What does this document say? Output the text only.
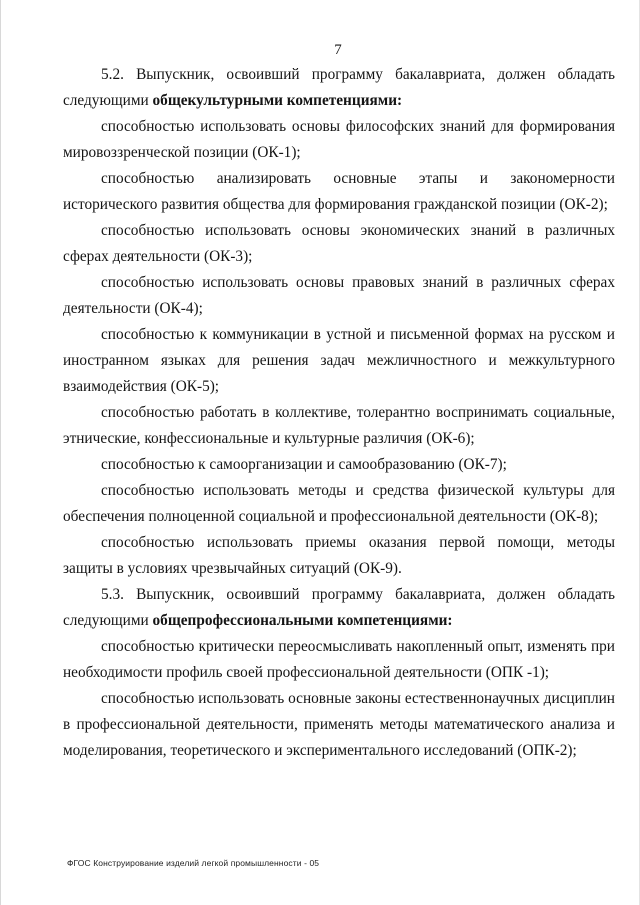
7

5.2. Выпускник, освоивший программу бакалавриата, должен обладать следующими общекультурными компетенциями:

способностью использовать основы философских знаний для формирования мировоззренческой позиции (ОК-1);

способностью анализировать основные этапы и закономерности исторического развития общества для формирования гражданской позиции (ОК-2);

способностью использовать основы экономических знаний в различных сферах деятельности (ОК-3);

способностью использовать основы правовых знаний в различных сферах деятельности (ОК-4);

способностью к коммуникации в устной и письменной формах на русском и иностранном языках для решения задач межличностного и межкультурного взаимодействия (ОК-5);

способностью работать в коллективе, толерантно воспринимать социальные, этнические, конфессиональные и культурные различия (ОК-6);

способностью к самоорганизации и самообразованию (ОК-7);

способностью использовать методы и средства физической культуры для обеспечения полноценной социальной и профессиональной деятельности (ОК-8);

способностью использовать приемы оказания первой помощи, методы защиты в условиях чрезвычайных ситуаций (ОК-9).

5.3. Выпускник, освоивший программу бакалавриата, должен обладать следующими общепрофессиональными компетенциями:

способностью критически переосмысливать накопленный опыт, изменять при необходимости профиль своей профессиональной деятельности (ОПК -1);

способностью использовать основные законы естественнонаучных дисциплин в профессиональной деятельности, применять методы математического анализа и моделирования, теоретического и экспериментального исследований (ОПК-2);

ФГОС Конструирование изделий легкой промышленности - 05
